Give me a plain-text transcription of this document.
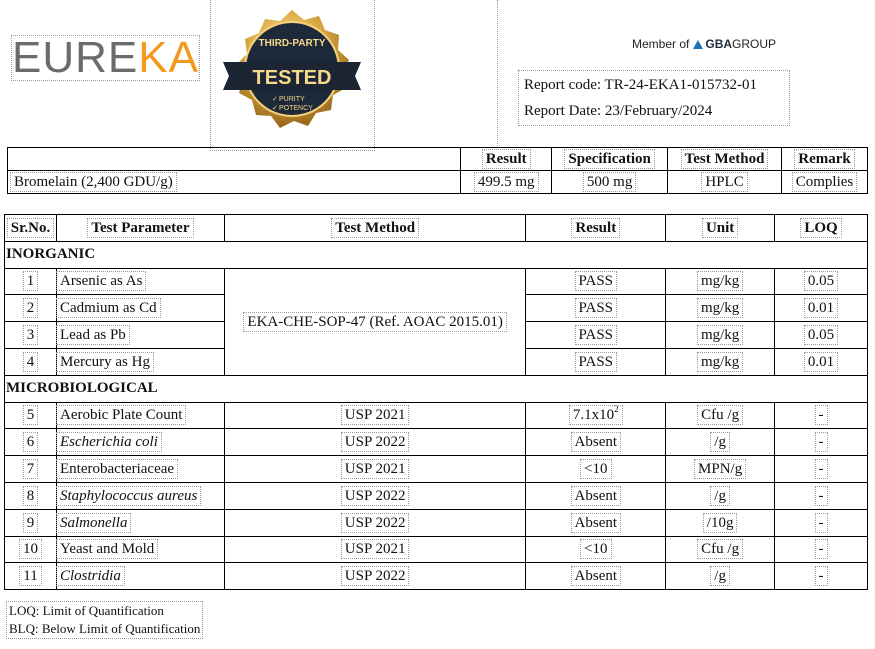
EUREKA	TESTED
THIRD-PARTY
PURITY
POTENCY
✓
✓
Member of GBAGROUP
Report code: TR-24-EKA1-015732-01
Report Date: 23/February/2024
	Result	Specification	Test Method	Remark
Bromelain (2,400 GDU/g)	499.5 mg	500 mg	HPLC	Complies
Sr.No.	Test Parameter	Test Method	Result	Unit	LOQ
INORGANIC					
1	Arsenic as As	EKA-CHE-SOP-47 (Ref. AOAC 2015.01)	PASS	mg/kg	0.05
2	Cadmium as Cd		PASS	mg/kg	0.01
3	Lead as Pb		PASS	mg/kg	0.05
4	Mercury as Hg		PASS	mg/kg	0.01
MICROBIOLOGICAL					
5	Aerobic Plate Count	USP 2021	$7.1x10^2$	Cfu /g	-
6	Escherichia coli	USP 2022	Absent	/g	-
7	Enterobacteriaceae	USP 2021	<10	MPN/g	-
8	Staphylococcus aureus	USP 2022	Absent	/g	-
9	Salmonella	USP 2022	Absent	/10g	-
10	Yeast and Mold	USP 2021	<10	Cfu /g	-
11	Clostridia	USP 2022	Absent	/g	-
LOQ: Limit of Quantification
BLQ: Below Limit of Quantification
